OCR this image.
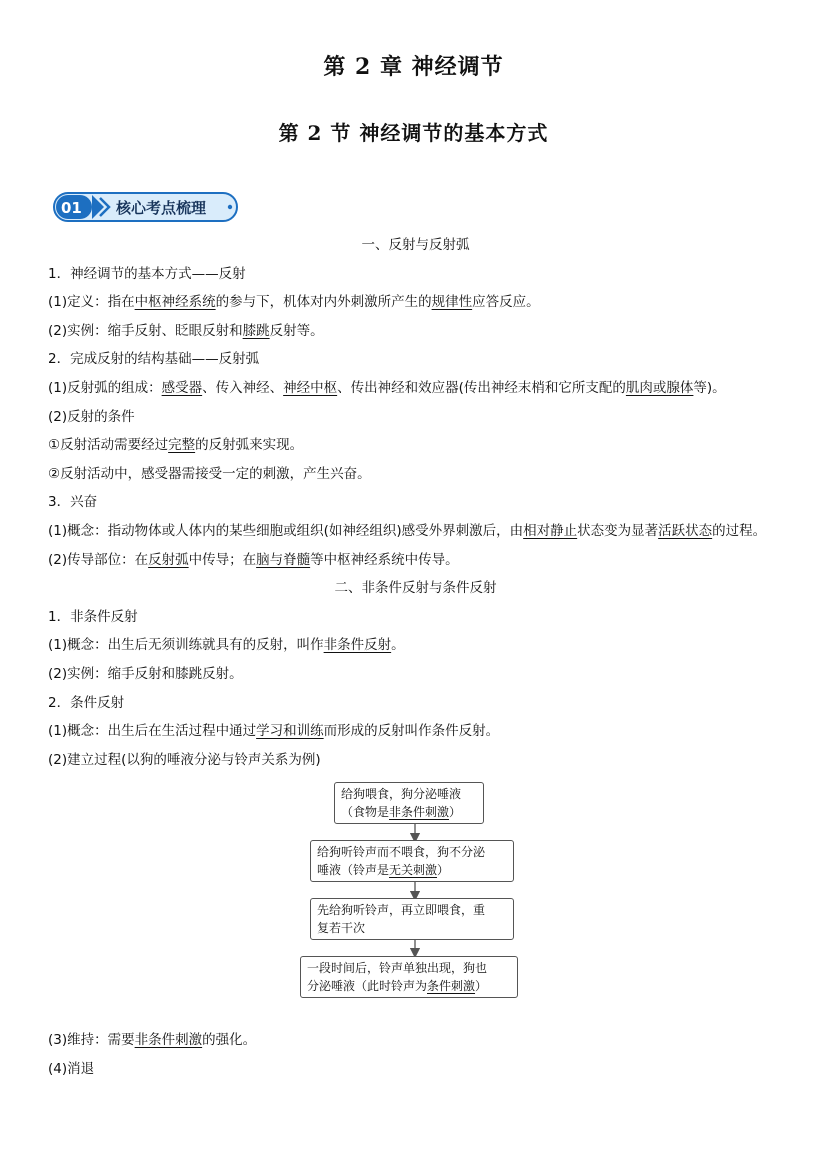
第 2 章 神经调节
第 2 节 神经调节的基本方式
01 核心考点梳理

一、反射与反射弧

1．神经调节的基本方式——反射

(1)定义：指在中枢神经系统的参与下，机体对内外刺激所产生的规律性应答反应。

(2)实例：缩手反射、眨眼反射和膝跳反射等。

2．完成反射的结构基础——反射弧

(1)反射弧的组成：感受器、传入神经、神经中枢、传出神经和效应器(传出神经末梢和它所支配的肌肉或腺体等)。

(2)反射的条件

①反射活动需要经过完整的反射弧来实现。

②反射活动中，感受器需接受一定的刺激，产生兴奋。

3．兴奋

(1)概念：指动物体或人体内的某些细胞或组织(如神经组织)感受外界刺激后，由相对静止状态变为显著活跃状态的过程。

(2)传导部位：在反射弧中传导；在脑与脊髓等中枢神经系统中传导。

二、非条件反射与条件反射

1．非条件反射

(1)概念：出生后无须训练就具有的反射，叫作非条件反射。

(2)实例：缩手反射和膝跳反射。

2．条件反射

(1)概念：出生后在生活过程中通过学习和训练而形成的反射叫作条件反射。

(2)建立过程(以狗的唾液分泌与铃声关系为例)

给狗喂食，狗分泌唾液
（食物是非条件刺激）
给狗听铃声而不喂食，狗不分泌
唾液（铃声是无关刺激）
先给狗听铃声，再立即喂食，重
复若干次
一段时间后，铃声单独出现，狗也
分泌唾液（此时铃声为条件刺激）

(3)维持：需要非条件刺激的强化。

(4)消退
